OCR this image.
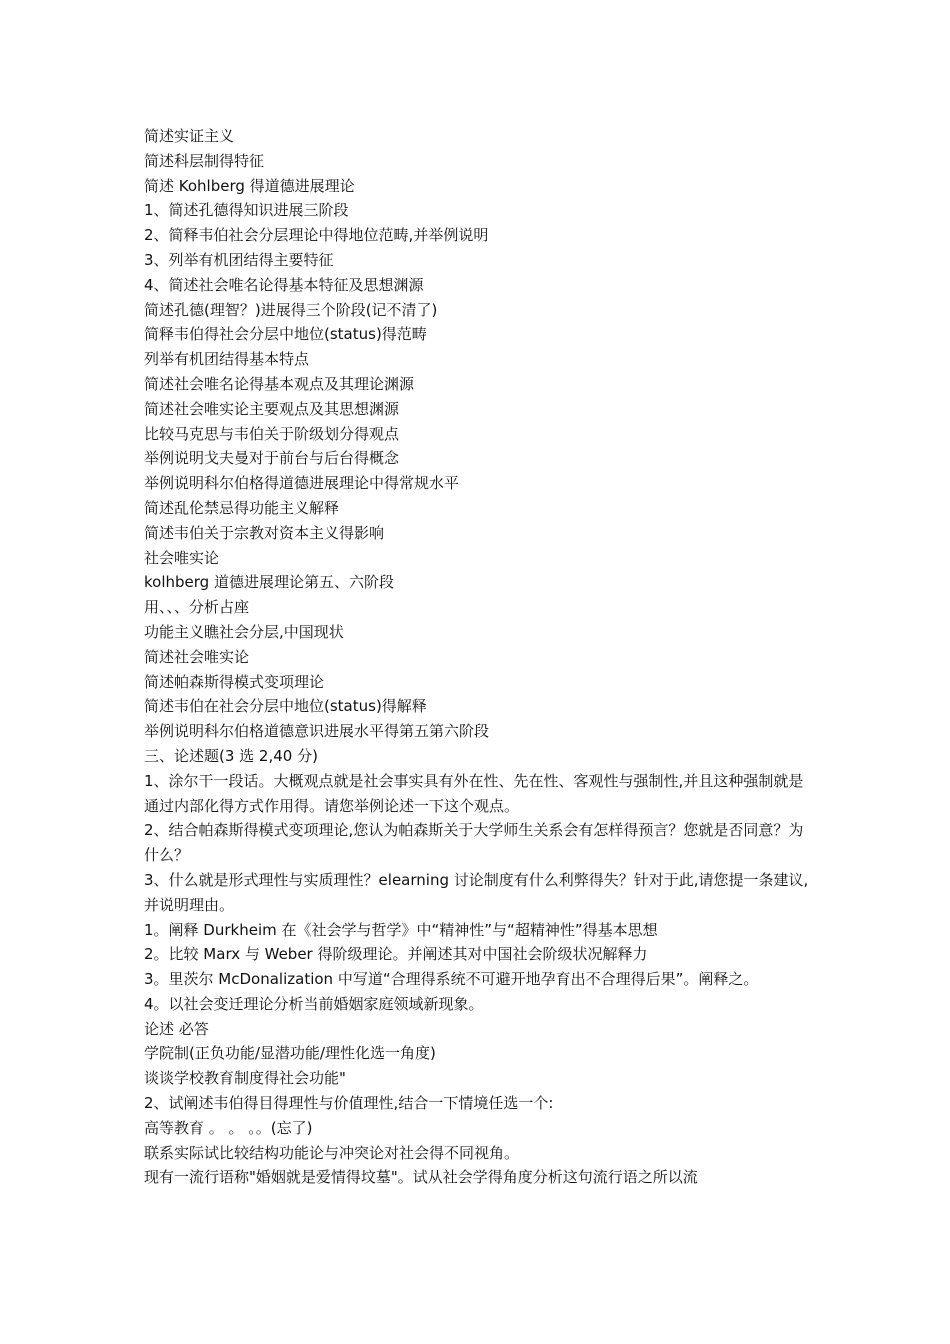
简述实证主义

简述科层制得特征

简述 Kohlberg 得道德进展理论

1、简述孔德得知识进展三阶段

2、简释韦伯社会分层理论中得地位范畴,并举例说明

3、列举有机团结得主要特征

4、简述社会唯名论得基本特征及思想渊源

简述孔德(理智？)进展得三个阶段(记不清了)

简释韦伯得社会分层中地位(status)得范畴

列举有机团结得基本特点

简述社会唯名论得基本观点及其理论渊源

简述社会唯实论主要观点及其思想渊源

比较马克思与韦伯关于阶级划分得观点

举例说明戈夫曼对于前台与后台得概念

举例说明科尔伯格得道德进展理论中得常规水平

简述乱伦禁忌得功能主义解释

简述韦伯关于宗教对资本主义得影响

社会唯实论

kolhberg 道德进展理论第五、六阶段

用、、、分析占座

功能主义瞧社会分层,中国现状

简述社会唯实论

简述帕森斯得模式变项理论

简述韦伯在社会分层中地位(status)得解释

举例说明科尔伯格道德意识进展水平得第五第六阶段

三、论述题(3 选 2,40 分)

1、涂尔干一段话。大概观点就是社会事实具有外在性、先在性、客观性与强制性,并且这种强制就是通过内部化得方式作用得。请您举例论述一下这个观点。

2、结合帕森斯得模式变项理论,您认为帕森斯关于大学师生关系会有怎样得预言？您就是否同意？为什么？

3、什么就是形式理性与实质理性？elearning 讨论制度有什么利弊得失？针对于此,请您提一条建议,并说明理由。

1。阐释 Durkheim 在《社会学与哲学》中“精神性”与“超精神性”得基本思想

2。比较 Marx 与 Weber 得阶级理论。并阐述其对中国社会阶级状况解释力

3。里茨尔 McDonalization 中写道“合理得系统不可避开地孕育出不合理得后果”。阐释之。

4。以社会变迁理论分析当前婚姻家庭领域新现象。

论述 必答

学院制(正负功能/显潜功能/理性化选一角度)

谈谈学校教育制度得社会功能"

2、试阐述韦伯得目得理性与价值理性,结合一下情境任选一个:

高等教育 。 。 。。(忘了)

联系实际试比较结构功能论与冲突论对社会得不同视角。

现有一流行语称"婚姻就是爱情得坟墓"。试从社会学得角度分析这句流行语之所以流
